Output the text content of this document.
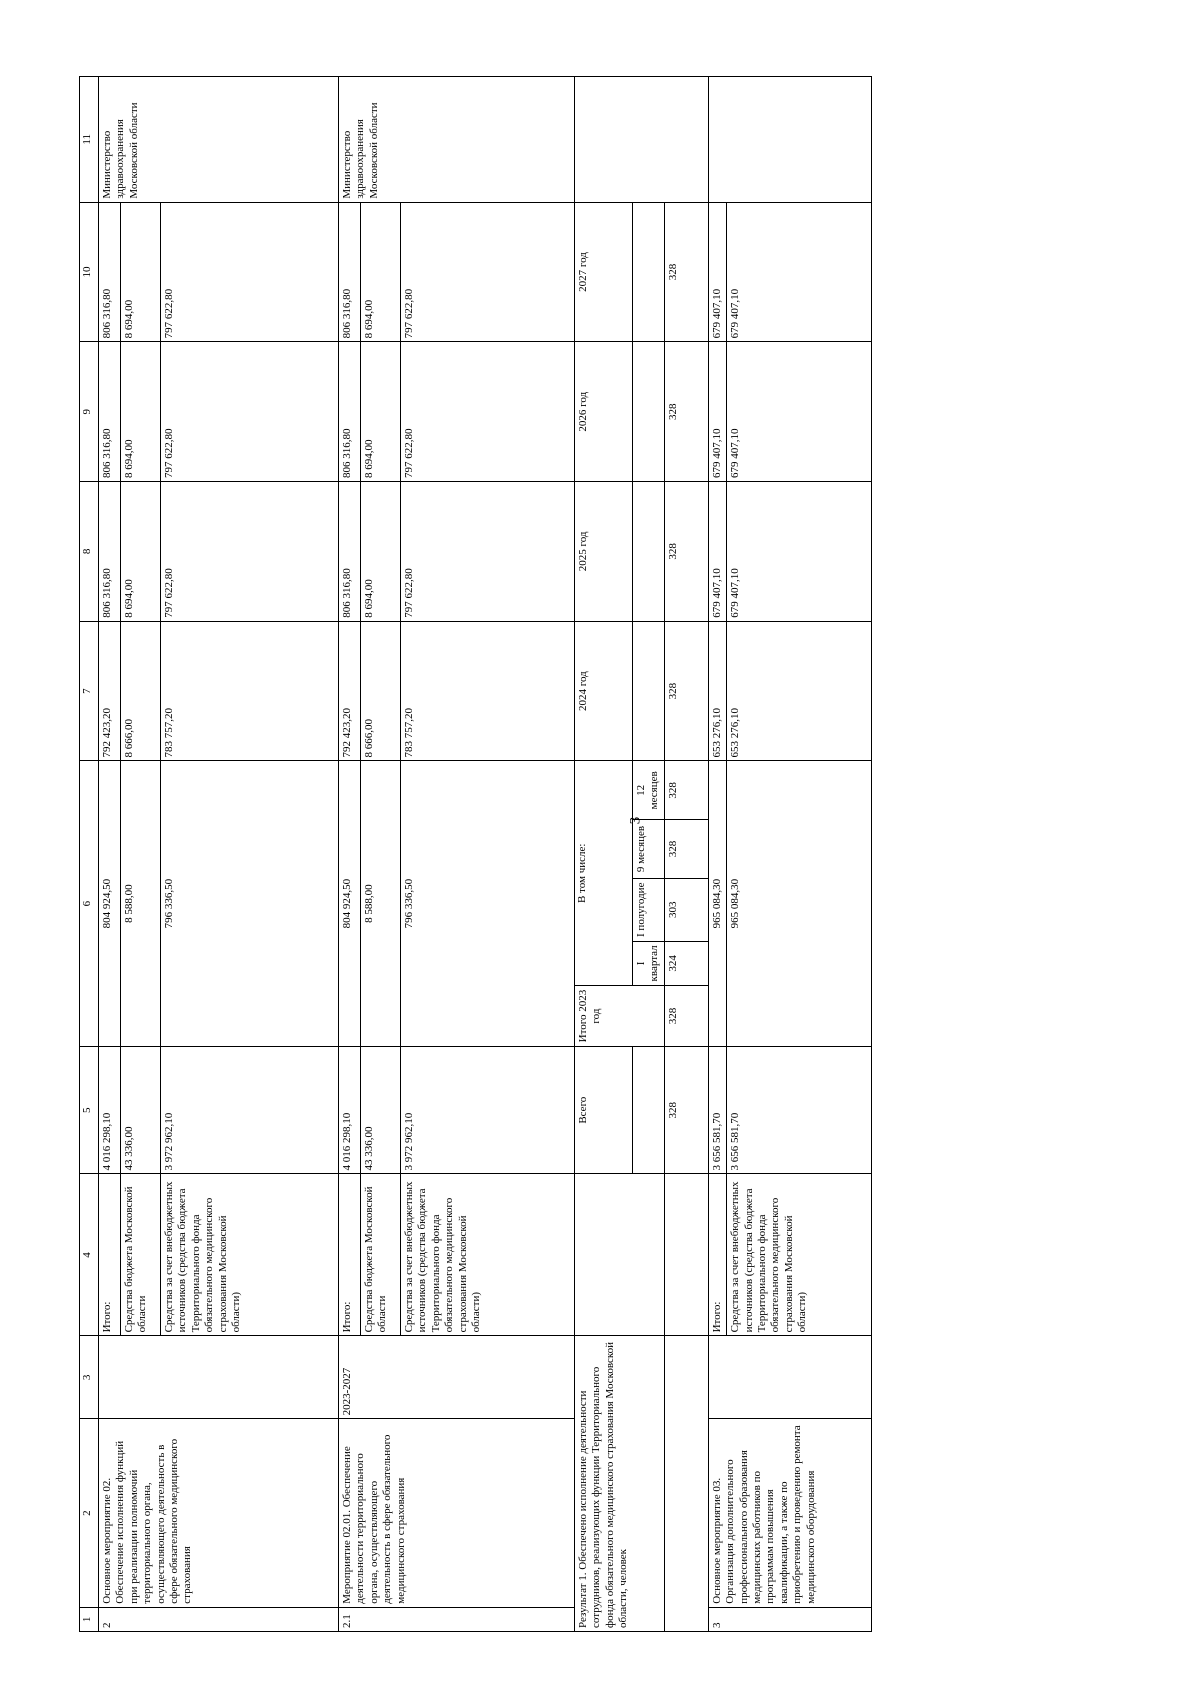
3
1	2	3	4	5	6					7	8	9	10	11
2	Основное мероприятие 02. Обеспечение исполнения функций при реализации полномочий территориального органа, осуществляющего деятельность в сфере обязательного медицинского страхования		Итого:	4 016 298,10	804 924,50					792 423,20	806 316,80	806 316,80	806 316,80	Министерство здравоохранения Московской области
			Средства бюджета Московской области	43 336,00	8 588,00					8 666,00	8 694,00	8 694,00	8 694,00	
			Средства за счет внебюджетных источников (средства бюджета Территориального фонда обязательного медицинского страхования Московской области)	3 972 962,10	796 336,50					783 757,20	797 622,80	797 622,80	797 622,80	
2.1	Мероприятие 02.01. Обеспечение деятельности территориального органа, осуществляющего деятельность в сфере обязательного медицинского страхования	2023-2027	Итого:	4 016 298,10	804 924,50					792 423,20	806 316,80	806 316,80	806 316,80	Министерство здравоохранения Московской области
			Средства бюджета Московской области	43 336,00	8 588,00					8 666,00	8 694,00	8 694,00	8 694,00	
			Средства за счет внебюджетных источников (средства бюджета Территориального фонда обязательного медицинского страхования Московской области)	3 972 962,10	796 336,50					783 757,20	797 622,80	797 622,80	797 622,80	
Результат 1. Обеспечено исполнение деятельности сотрудников, реализующих функции Территориального фонда обязательного медицинского страхования Московской области, человек				Всего	Итого 2023 год	В том числе:				2024 год	2025 год	2026 год	2027 год	
						I квартал	I полугодие	9 месяцев	12 месяцев					
				328	328	324	303	328	328	328	328	328	328	
3	Основное мероприятие 03. Организация дополнительного профессионального образования медицинских работников по программам повышения квалификации, а также по приобретению и проведению ремонта медицинского оборудования		Итого:	3 656 581,70	965 084,30					653 276,10	679 407,10	679 407,10	679 407,10	
			Средства за счет внебюджетных источников (средства бюджета Территориального фонда обязательного медицинского страхования Московской области)	3 656 581,70	965 084,30					653 276,10	679 407,10	679 407,10	679 407,10	
